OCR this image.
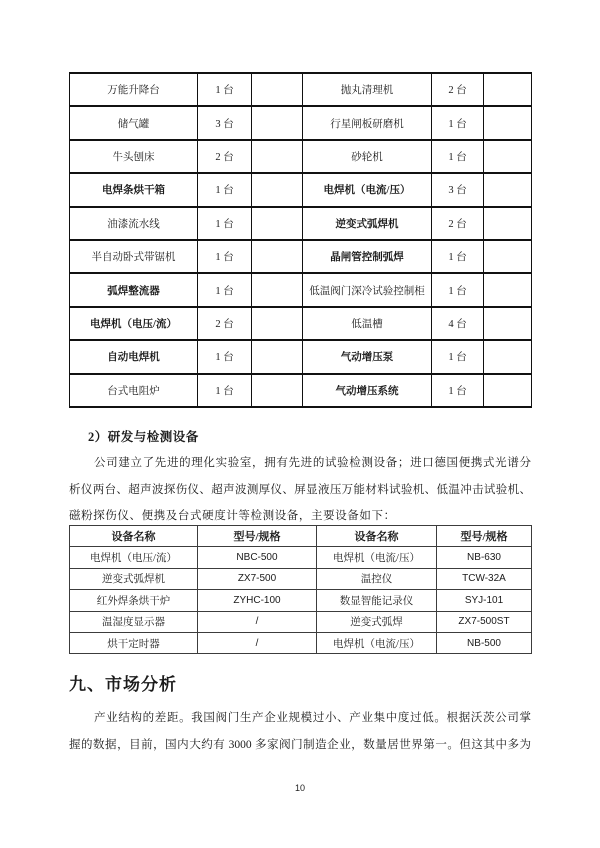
万能升降台	1 台		抛丸清理机	2 台	
储气罐	3 台		行星闸板研磨机	1 台	
牛头刨床	2 台		砂轮机	1 台	
电焊条烘干箱	1 台		电焊机（电流/压）	3 台	
油漆流水线	1 台		逆变式弧焊机	2 台	
半自动卧式带锯机	1 台		晶闸管控制弧焊	1 台	
弧焊整流器	1 台		低温阀门深冷试验控制柜	1 台	
电焊机（电压/流）	2 台		低温槽	4 台	
自动电焊机	1 台		气动增压泵	1 台	
台式电阻炉	1 台		气动增压系统	1 台	
2）研发与检测设备
公司建立了先进的理化实验室，拥有先进的试验检测设备；进口德国便携式光谱分
析仪两台、超声波探伤仪、超声波测厚仪、屏显液压万能材料试验机、低温冲击试验机、
磁粉探伤仪、便携及台式硬度计等检测设备，主要设备如下：
设备名称	型号/规格	设备名称	型号/规格
电焊机（电压/流）	NBC-500	电焊机（电流/压）	NB-630
逆变式弧焊机	ZX7-500	温控仪	TCW-32A
红外焊条烘干炉	ZYHC-100	数显智能记录仪	SYJ-101
温湿度显示器	/	逆变式弧焊	ZX7-500ST
烘干定时器	/	电焊机（电流/压）	NB-500
九、市场分析
产业结构的差距。我国阀门生产企业规模过小、产业集中度过低。根据沃茨公司掌
握的数据，目前，国内大约有 3000 多家阀门制造企业，数量居世界第一。但这其中多为
10
